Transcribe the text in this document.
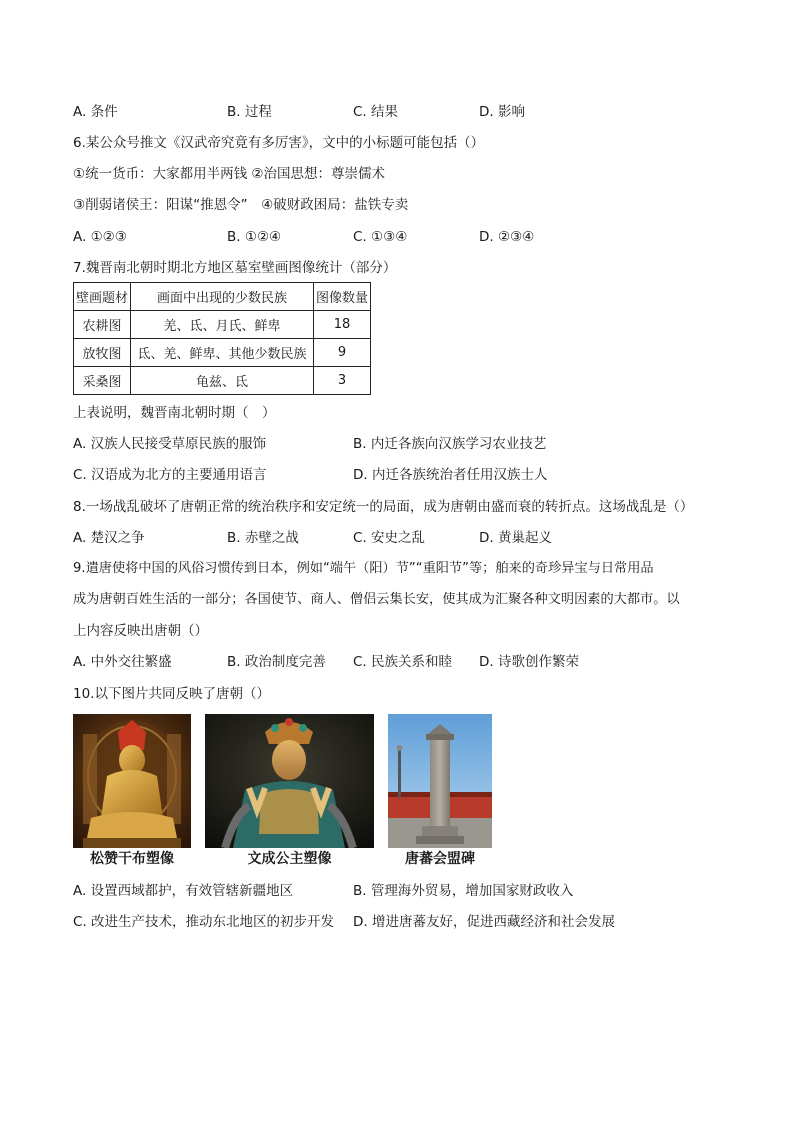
A. 条件	B. 过程	C. 结果	D. 影响
6.某公众号推文《汉武帝究竟有多厉害》，文中的小标题可能包括（）
①统一货币：大家都用半两钱 ②治国思想：尊崇儒术
③削弱诸侯王：阳谋“推恩令”　④破财政困局：盐铁专卖
A. ①②③	B. ①②④	C. ①③④	D. ②③④
7.魏晋南北朝时期北方地区墓室壁画图像统计（部分）
壁画题材	画面中出现的少数民族	图像数量
农耕图	羌、氐、月氏、鲜卑	18
放牧图	氐、羌、鲜卑、其他少数民族	9
采桑图	龟兹、氐	3
上表说明，魏晋南北朝时期（　）
A. 汉族人民接受草原民族的服饰	B. 内迁各族向汉族学习农业技艺
C. 汉语成为北方的主要通用语言	D. 内迁各族统治者任用汉族士人
8.一场战乱破坏了唐朝正常的统治秩序和安定统一的局面，成为唐朝由盛而衰的转折点。这场战乱是（）
A. 楚汉之争	B. 赤壁之战	C. 安史之乱	D. 黄巢起义
9.遣唐使将中国的风俗习惯传到日本，例如“端午（阳）节”“重阳节”等；舶来的奇珍异宝与日常用品
成为唐朝百姓生活的一部分；各国使节、商人、僧侣云集长安，使其成为汇聚各种文明因素的大都市。以
上内容反映出唐朝（）
A. 中外交往繁盛	B. 政治制度完善 C. 民族关系和睦 D. 诗歌创作繁荣
10.以下图片共同反映了唐朝（）
松赞干布塑像	文成公主塑像	唐蕃会盟碑
A. 设置西域都护，有效管辖新疆地区	B. 管理海外贸易，增加国家财政收入
C. 改进生产技术，推动东北地区的初步开发 D. 增进唐蕃友好，促进西藏经济和社会发展
